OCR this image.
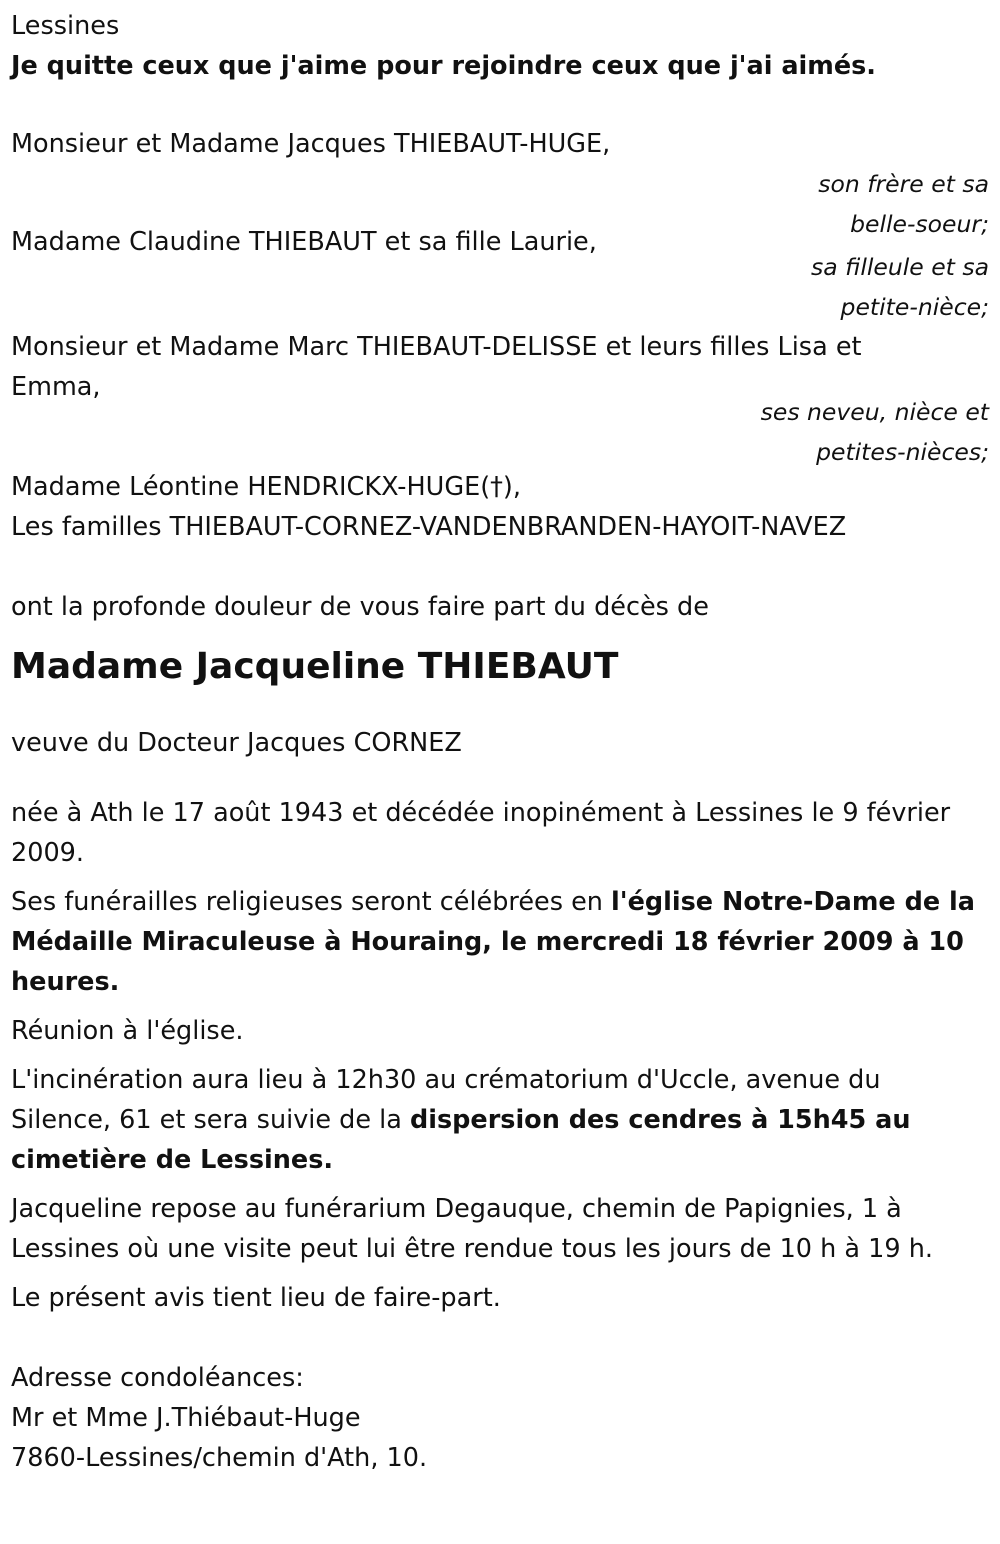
Lessines
Je quitte ceux que j'aime pour rejoindre ceux que j'ai aimés.
Monsieur et Madame Jacques THIEBAUT-HUGE,
son frère et sa
belle-soeur;
Madame Claudine THIEBAUT et sa fille Laurie,
sa filleule et sa
petite-nièce;
Monsieur et Madame Marc THIEBAUT-DELISSE et leurs filles Lisa et
Emma,
ses neveu, nièce et
petites-nièces;
Madame Léontine HENDRICKX-HUGE(†),
Les familles THIEBAUT-CORNEZ-VANDENBRANDEN-HAYOIT-NAVEZ
ont la profonde douleur de vous faire part du décès de
Madame Jacqueline THIEBAUT
veuve du Docteur Jacques CORNEZ
née à Ath le 17 août 1943 et décédée inopinément à Lessines le 9 février
2009.
Ses funérailles religieuses seront célébrées en l'église Notre-Dame de la
Médaille Miraculeuse à Houraing, le mercredi 18 février 2009 à 10
heures.
Réunion à l'église.
L'incinération aura lieu à 12h30 au crématorium d'Uccle, avenue du
Silence, 61 et sera suivie de la dispersion des cendres à 15h45 au
cimetière de Lessines.
Jacqueline repose au funérarium Degauque, chemin de Papignies, 1 à
Lessines où une visite peut lui être rendue tous les jours de 10 h à 19 h.
Le présent avis tient lieu de faire-part.
Adresse condoléances:
Mr et Mme J.Thiébaut-Huge
7860-Lessines/chemin d'Ath, 10.
